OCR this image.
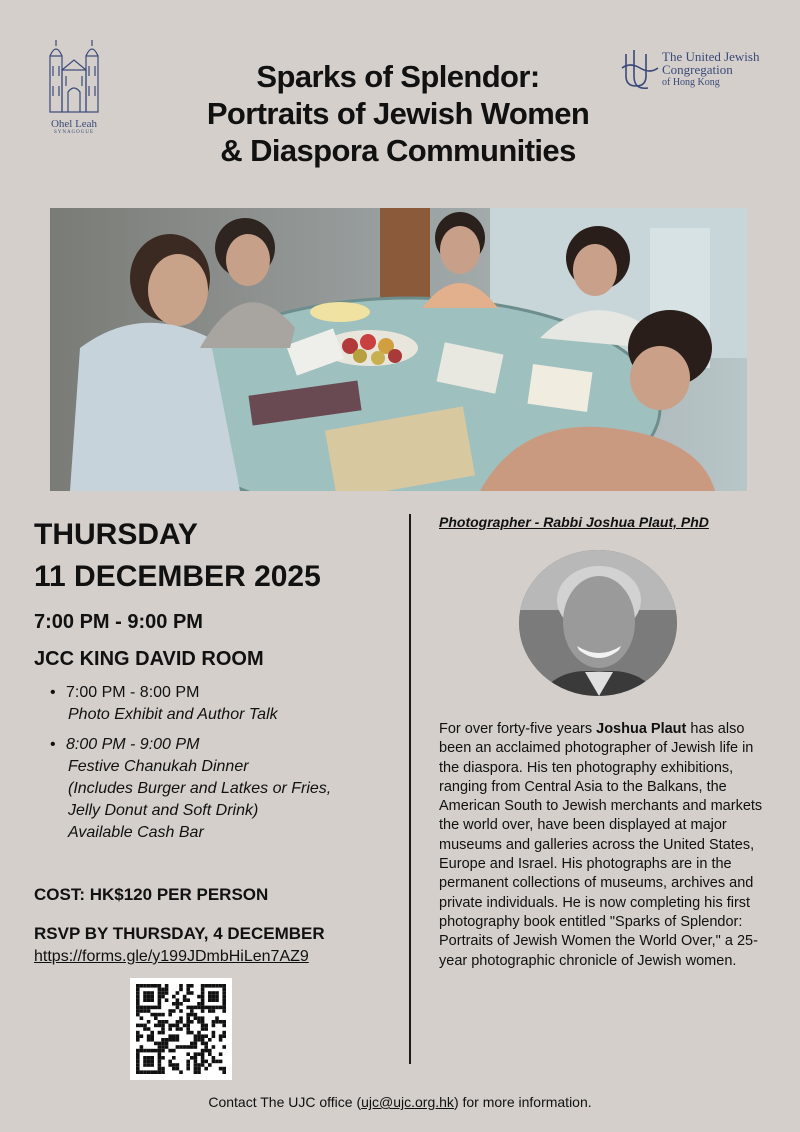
Ohel Leah
SYNAGOGUE
The United Jewish
Congregation
of Hong Kong
Sparks of Splendor:
Portraits of Jewish Women
& Diaspora Communities
THURSDAY
11 DECEMBER 2025
7:00 PM - 9:00 PM
JCC KING DAVID ROOM
• 7:00 PM - 8:00 PM
Photo Exhibit and Author Talk
• 8:00 PM - 9:00 PM
Festive Chanukah Dinner
(Includes Burger and Latkes or Fries,
Jelly Donut and Soft Drink)
Available Cash Bar
COST: HK$120 PER PERSON
RSVP BY THURSDAY, 4 DECEMBER
https://forms.gle/y199JDmbHiLen7AZ9
Photographer - Rabbi Joshua Plaut, PhD
For over forty-five years Joshua Plaut has also been an acclaimed photographer of Jewish life in the diaspora. His ten photography exhibitions, ranging from Central Asia to the Balkans, the American South to Jewish merchants and markets the world over, have been displayed at major museums and galleries across the United States, Europe and Israel. His photographs are in the permanent collections of museums, archives and private individuals. He is now completing his first photography book entitled "Sparks of Splendor: Portraits of Jewish Women the World Over," a 25-year photographic chronicle of Jewish women.
Contact The UJC office (ujc@ujc.org.hk) for more information.
